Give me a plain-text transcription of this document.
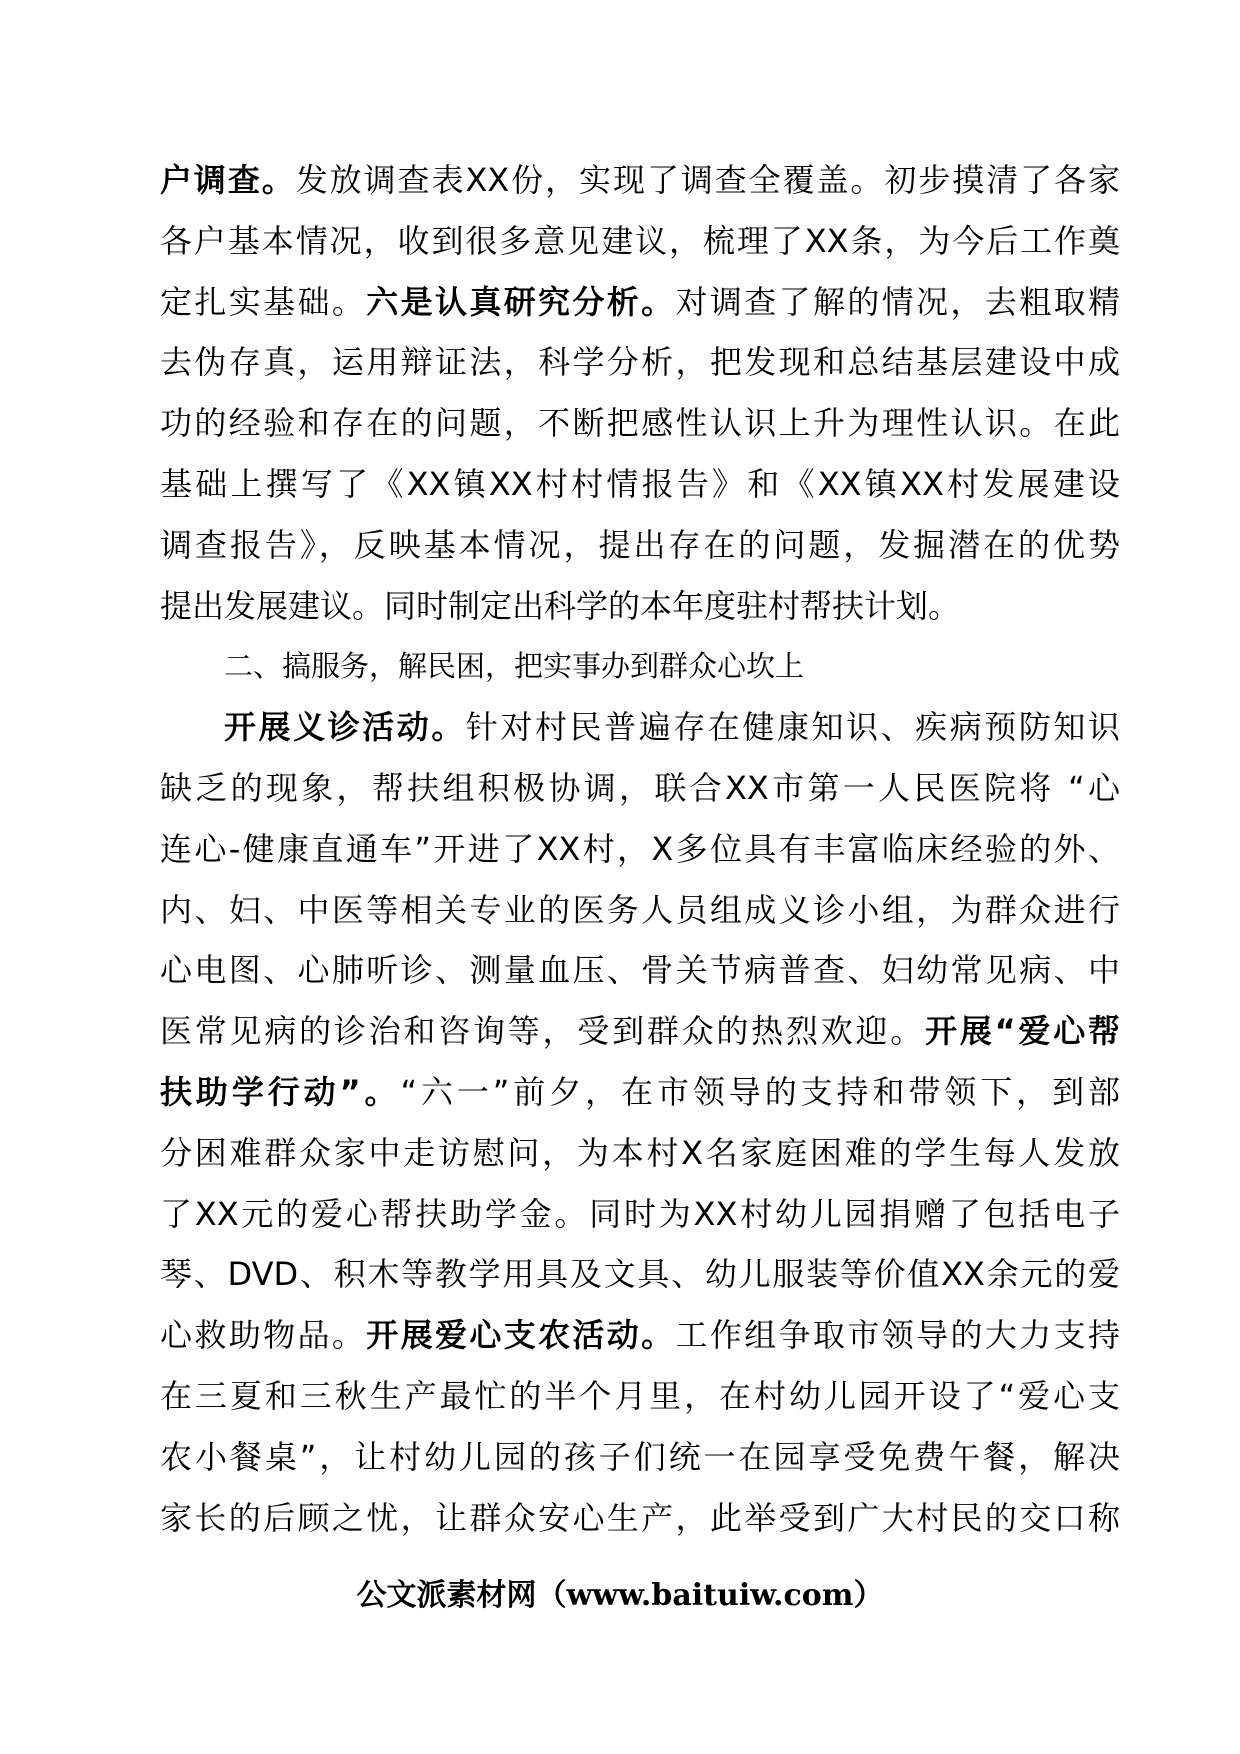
户调查。发放调查表XX份，实现了调查全覆盖。初步摸清了各家
各户基本情况，收到很多意见建议，梳理了XX条，为今后工作奠
定扎实基础。六是认真研究分析。对调查了解的情况，去粗取精
去伪存真，运用辩证法，科学分析，把发现和总结基层建设中成
功的经验和存在的问题，不断把感性认识上升为理性认识。在此
基础上撰写了《XX镇XX村村情报告》和《XX镇XX村发展建设
调查报告》，反映基本情况，提出存在的问题，发掘潜在的优势
提出发展建议。同时制定出科学的本年度驻村帮扶计划。
二、搞服务，解民困，把实事办到群众心坎上
开展义诊活动。针对村民普遍存在健康知识、疾病预防知识
缺乏的现象，帮扶组积极协调，联合XX市第一人民医院将 “心
连心-健康直通车”开进了XX村，X多位具有丰富临床经验的外、
内、妇、中医等相关专业的医务人员组成义诊小组，为群众进行
心电图、心肺听诊、测量血压、骨关节病普查、妇幼常见病、中
医常见病的诊治和咨询等，受到群众的热烈欢迎。开展“爱心帮
扶助学行动”。“六一”前夕，在市领导的支持和带领下，到部
分困难群众家中走访慰问，为本村X名家庭困难的学生每人发放
了XX元的爱心帮扶助学金。同时为XX村幼儿园捐赠了包括电子
琴、DVD、积木等教学用具及文具、幼儿服装等价值XX余元的爱
心救助物品。开展爱心支农活动。工作组争取市领导的大力支持
在三夏和三秋生产最忙的半个月里，在村幼儿园开设了“爱心支
农小餐桌”，让村幼儿园的孩子们统一在园享受免费午餐，解决
家长的后顾之忧，让群众安心生产，此举受到广大村民的交口称
公文派素材网（www.baituiw.com）
